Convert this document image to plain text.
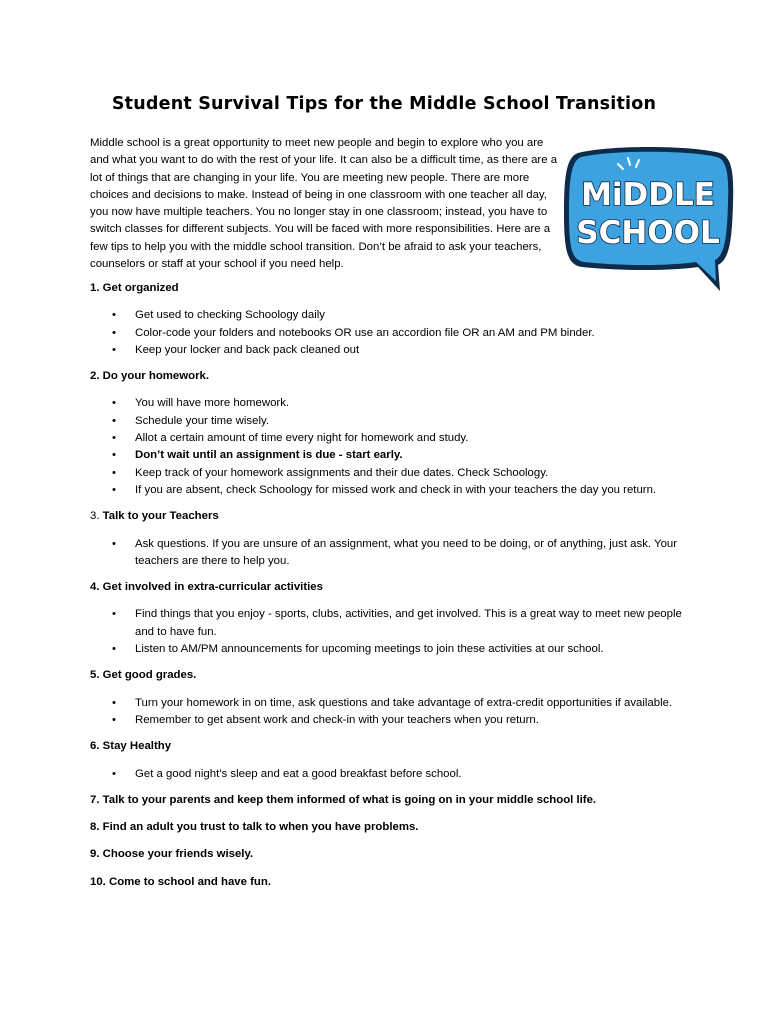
Student Survival Tips for the Middle School Transition
Middle school is a great opportunity to meet new people and begin to explore who you are and what you want to do with the rest of your life. It can also be a difficult time, as there are a lot of things that are changing in your life. You are meeting new people. There are more choices and decisions to make. Instead of being in one classroom with one teacher all day, you now have multiple teachers. You no longer stay in one classroom; instead, you have to switch classes for different subjects. You will be faced with more responsibilities. Here are a few tips to help you with the middle school transition. Don’t be afraid to ask your teachers, counselors or staff at your school if you need help.
MiDDLE
SCHOOL

1. Get organized

• Get used to checking Schoology daily
• Color-code your folders and notebooks OR use an accordion file OR an AM and PM binder.
• Keep your locker and back pack cleaned out

2. Do your homework.

• You will have more homework.
• Schedule your time wisely.
• Allot a certain amount of time every night for homework and study.
• Don’t wait until an assignment is due - start early.
• Keep track of your homework assignments and their due dates. Check Schoology.
• If you are absent, check Schoology for missed work and check in with your teachers the day you return.

3. Talk to your Teachers

• Ask questions. If you are unsure of an assignment, what you need to be doing, or of anything, just ask. Your teachers are there to help you.

4. Get involved in extra-curricular activities

• Find things that you enjoy - sports, clubs, activities, and get involved. This is a great way to meet new people and to have fun.
• Listen to AM/PM announcements for upcoming meetings to join these activities at our school.

5. Get good grades.

• Turn your homework in on time, ask questions and take advantage of extra-credit opportunities if available.
• Remember to get absent work and check-in with your teachers when you return.

6. Stay Healthy

• Get a good night’s sleep and eat a good breakfast before school.

7. Talk to your parents and keep them informed of what is going on in your middle school life.

8. Find an adult you trust to talk to when you have problems.

9. Choose your friends wisely.

10. Come to school and have fun.
